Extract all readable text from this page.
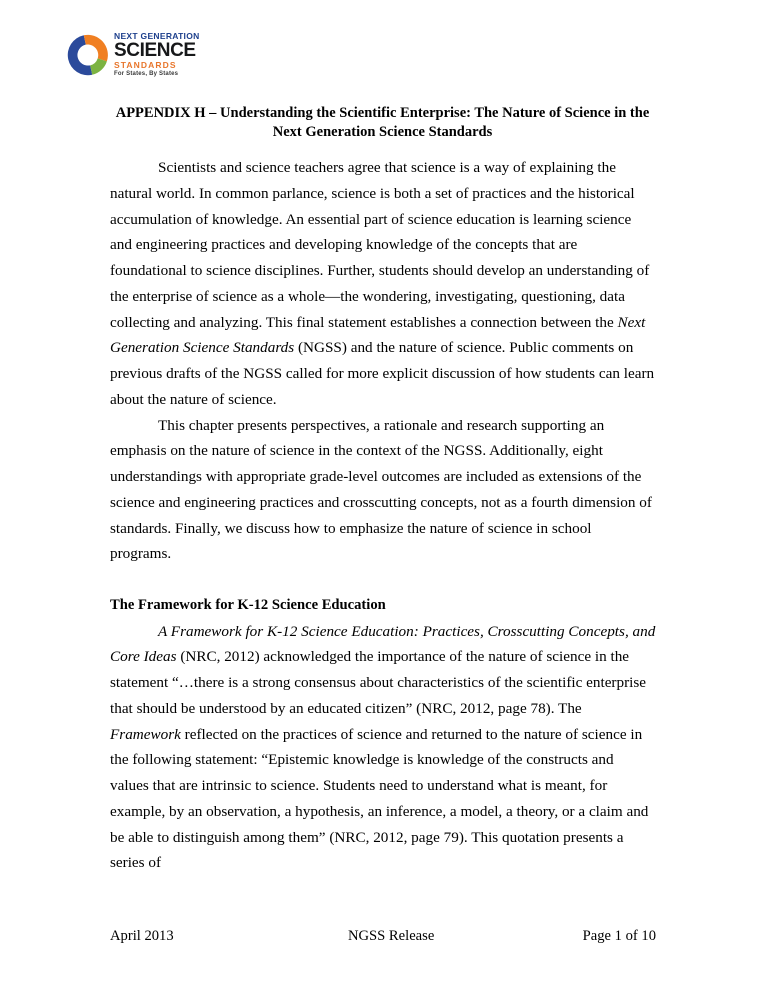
NEXT GENERATION
SCIENCE
STANDARDS
For States, By States
APPENDIX H – Understanding the Scientific Enterprise: The Nature of Science in the Next Generation Science Standards

Scientists and science teachers agree that science is a way of explaining the natural world. In common parlance, science is both a set of practices and the historical accumulation of knowledge. An essential part of science education is learning science and engineering practices and developing knowledge of the concepts that are foundational to science disciplines. Further, students should develop an understanding of the enterprise of science as a whole—the wondering, investigating, questioning, data collecting and analyzing. This final statement establishes a connection between the Next Generation Science Standards (NGSS) and the nature of science. Public comments on previous drafts of the NGSS called for more explicit discussion of how students can learn about the nature of science.

This chapter presents perspectives, a rationale and research supporting an emphasis on the nature of science in the context of the NGSS. Additionally, eight understandings with appropriate grade-level outcomes are included as extensions of the science and engineering practices and crosscutting concepts, not as a fourth dimension of standards. Finally, we discuss how to emphasize the nature of science in school programs.

The Framework for K-12 Science Education

A Framework for K-12 Science Education: Practices, Crosscutting Concepts, and Core Ideas (NRC, 2012) acknowledged the importance of the nature of science in the statement “…there is a strong consensus about characteristics of the scientific enterprise that should be understood by an educated citizen” (NRC, 2012, page 78). The Framework reflected on the practices of science and returned to the nature of science in the following statement: “Epistemic knowledge is knowledge of the constructs and values that are intrinsic to science. Students need to understand what is meant, for example, by an observation, a hypothesis, an inference, a model, a theory, or a claim and be able to distinguish among them” (NRC, 2012, page 79). This quotation presents a series of

April 2013	NGSS Release	Page 1 of 10
